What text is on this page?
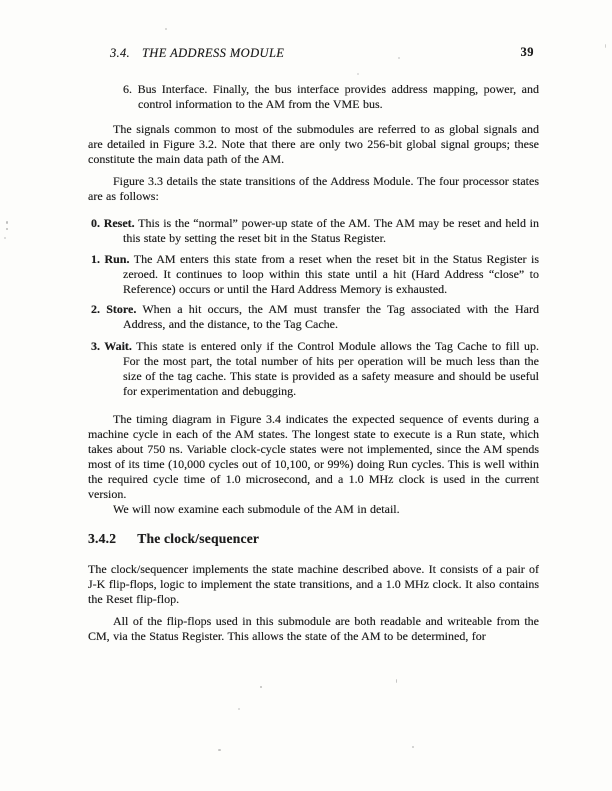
3.4. THE ADDRESS MODULE	39
6. Bus Interface. Finally, the bus interface provides address mapping, power, and control information to the AM from the VME bus.

The signals common to most of the submodules are referred to as global signals and are detailed in Figure 3.2. Note that there are only two 256-bit global signal groups; these constitute the main data path of the AM.

Figure 3.3 details the state transitions of the Address Module. The four processor states are as follows:

0. Reset. This is the “normal” power-up state of the AM. The AM may be reset and held in this state by setting the reset bit in the Status Register.
1. Run. The AM enters this state from a reset when the reset bit in the Status Register is zeroed. It continues to loop within this state until a hit (Hard Address “close” to Reference) occurs or until the Hard Address Memory is exhausted.
2. Store. When a hit occurs, the AM must transfer the Tag associated with the Hard Address, and the distance, to the Tag Cache.
3. Wait. This state is entered only if the Control Module allows the Tag Cache to fill up. For the most part, the total number of hits per operation will be much less than the size of the tag cache. This state is provided as a safety measure and should be useful for experimentation and debugging.

The timing diagram in Figure 3.4 indicates the expected sequence of events during a machine cycle in each of the AM states. The longest state to execute is a Run state, which takes about 750 ns. Variable clock-cycle states were not implemented, since the AM spends most of its time (10,000 cycles out of 10,100, or 99%) doing Run cycles. This is well within the required cycle time of 1.0 microsecond, and a 1.0 MHz clock is used in the current version.

We will now examine each submodule of the AM in detail.

3.4.2 The clock/sequencer

The clock/sequencer implements the state machine described above. It consists of a pair of J-K flip-flops, logic to implement the state transitions, and a 1.0 MHz clock. It also contains the Reset flip-flop.

All of the flip-flops used in this submodule are both readable and writeable from the CM, via the Status Register. This allows the state of the AM to be determined, for
